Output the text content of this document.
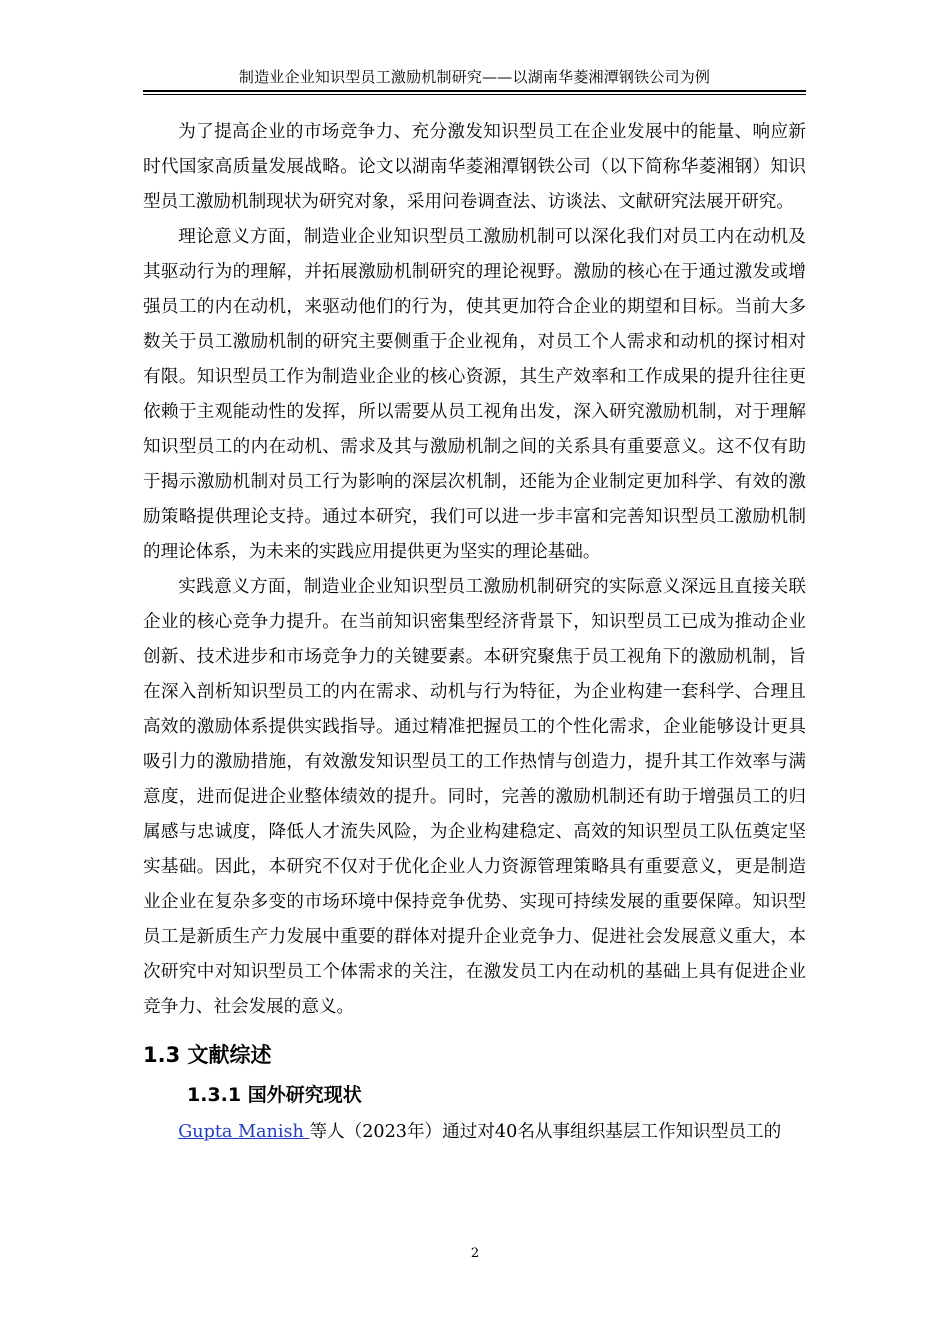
制造业企业知识型员工激励机制研究——以湖南华菱湘潭钢铁公司为例

为了提高企业的市场竞争力、充分激发知识型员工在企业发展中的能量、响应新时代国家高质量发展战略。论文以湖南华菱湘潭钢铁公司（以下简称华菱湘钢）知识型员工激励机制现状为研究对象，采用问卷调查法、访谈法、文献研究法展开研究。

理论意义方面，制造业企业知识型员工激励机制可以深化我们对员工内在动机及其驱动行为的理解，并拓展激励机制研究的理论视野。激励的核心在于通过激发或增强员工的内在动机，来驱动他们的行为，使其更加符合企业的期望和目标。当前大多数关于员工激励机制的研究主要侧重于企业视角，对员工个人需求和动机的探讨相对有限。知识型员工作为制造业企业的核心资源，其生产效率和工作成果的提升往往更依赖于主观能动性的发挥，所以需要从员工视角出发，深入研究激励机制，对于理解知识型员工的内在动机、需求及其与激励机制之间的关系具有重要意义。这不仅有助于揭示激励机制对员工行为影响的深层次机制，还能为企业制定更加科学、有效的激励策略提供理论支持。通过本研究，我们可以进一步丰富和完善知识型员工激励机制的理论体系，为未来的实践应用提供更为坚实的理论基础。

实践意义方面，制造业企业知识型员工激励机制研究的实际意义深远且直接关联企业的核心竞争力提升。在当前知识密集型经济背景下，知识型员工已成为推动企业创新、技术进步和市场竞争力的关键要素。本研究聚焦于员工视角下的激励机制，旨在深入剖析知识型员工的内在需求、动机与行为特征，为企业构建一套科学、合理且高效的激励体系提供实践指导。通过精准把握员工的个性化需求，企业能够设计更具吸引力的激励措施，有效激发知识型员工的工作热情与创造力，提升其工作效率与满意度，进而促进企业整体绩效的提升。同时，完善的激励机制还有助于增强员工的归属感与忠诚度，降低人才流失风险，为企业构建稳定、高效的知识型员工队伍奠定坚实基础。因此，本研究不仅对于优化企业人力资源管理策略具有重要意义，更是制造业企业在复杂多变的市场环境中保持竞争优势、实现可持续发展的重要保障。知识型员工是新质生产力发展中重要的群体对提升企业竞争力、促进社会发展意义重大，本次研究中对知识型员工个体需求的关注，在激发员工内在动机的基础上具有促进企业竞争力、社会发展的意义。

1.3 文献综述
1.3.1 国外研究现状

Gupta Manish 等人（2023年）通过对40名从事组织基层工作知识型员工的

2
